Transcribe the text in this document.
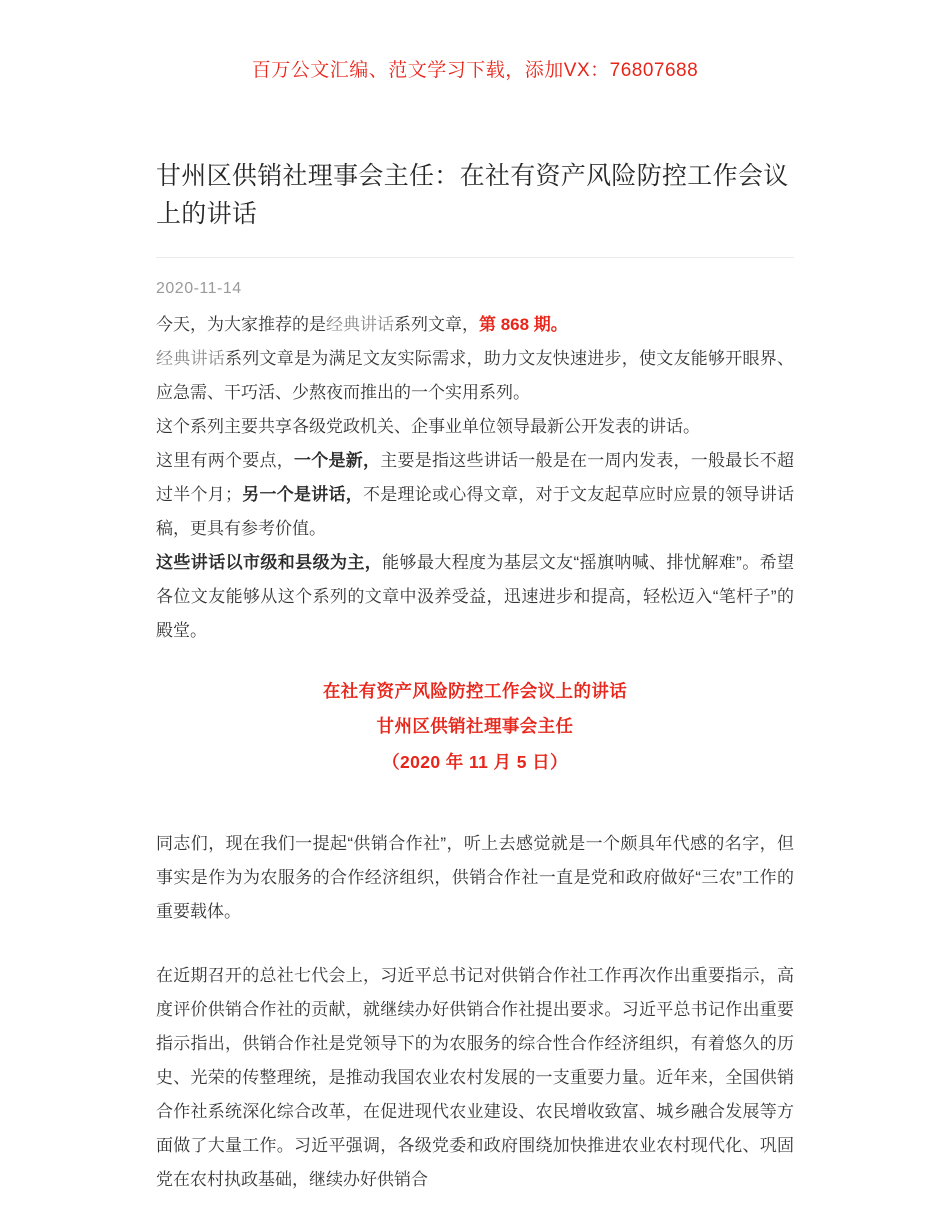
百万公文汇编、范文学习下载，添加VX：76807688
甘州区供销社理事会主任：在社有资产风险防控工作会议上的讲话
2020-11-14

今天，为大家推荐的是经典讲话系列文章，第 868 期。

经典讲话系列文章是为满足文友实际需求，助力文友快速进步，使文友能够开眼界、应急需、干巧活、少熬夜而推出的一个实用系列。

这个系列主要共享各级党政机关、企事业单位领导最新公开发表的讲话。

这里有两个要点，一个是新，主要是指这些讲话一般是在一周内发表，一般最长不超过半个月；另一个是讲话，不是理论或心得文章，对于文友起草应时应景的领导讲话稿，更具有参考价值。

这些讲话以市级和县级为主，能够最大程度为基层文友“摇旗呐喊、排忧解难”。希望各位文友能够从这个系列的文章中汲养受益，迅速进步和提高，轻松迈入“笔杆子”的殿堂。

在社有资产风险防控工作会议上的讲话
甘州区供销社理事会主任
（2020 年 11 月 5 日）

同志们，现在我们一提起“供销合作社”，听上去感觉就是一个颇具年代感的名字，但事实是作为为农服务的合作经济组织，供销合作社一直是党和政府做好“三农”工作的重要载体。

在近期召开的总社七代会上，习近平总书记对供销合作社工作再次作出重要指示，高度评价供销合作社的贡献，就继续办好供销合作社提出要求。习近平总书记作出重要指示指出，供销合作社是党领导下的为农服务的综合性合作经济组织，有着悠久的历史、光荣的传整理统，是推动我国农业农村发展的一支重要力量。近年来，全国供销合作社系统深化综合改革，在促进现代农业建设、农民增收致富、城乡融合发展等方面做了大量工作。习近平强调，各级党委和政府围绕加快推进农业农村现代化、巩固党在农村执政基础，继续办好供销合
